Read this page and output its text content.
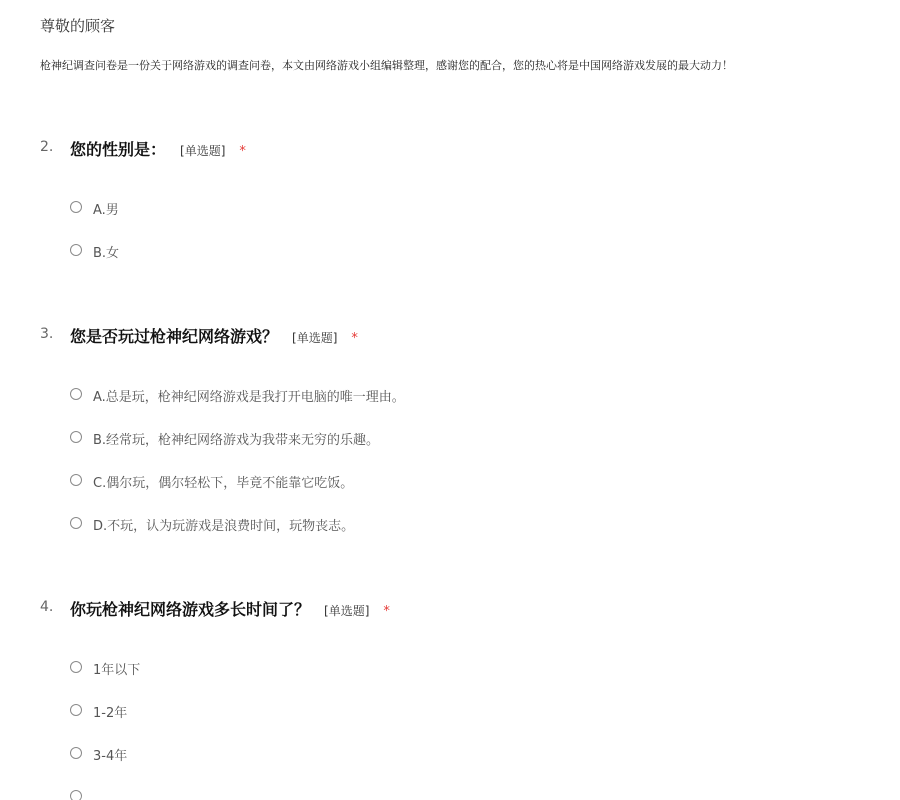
尊敬的顾客
枪神纪调查问卷是一份关于网络游戏的调查问卷，本文由网络游戏小组编辑整理，感谢您的配合，您的热心将是中国网络游戏发展的最大动力！
2. 您的性别是： [单选题] *
A.男
B.女
3. 您是否玩过枪神纪网络游戏？ [单选题] *
A.总是玩，枪神纪网络游戏是我打开电脑的唯一理由。
B.经常玩，枪神纪网络游戏为我带来无穷的乐趣。
C.偶尔玩，偶尔轻松下，毕竟不能靠它吃饭。
D.不玩，认为玩游戏是浪费时间，玩物丧志。
4. 你玩枪神纪网络游戏多长时间了？ [单选题] *
1年以下
1-2年
3-4年
